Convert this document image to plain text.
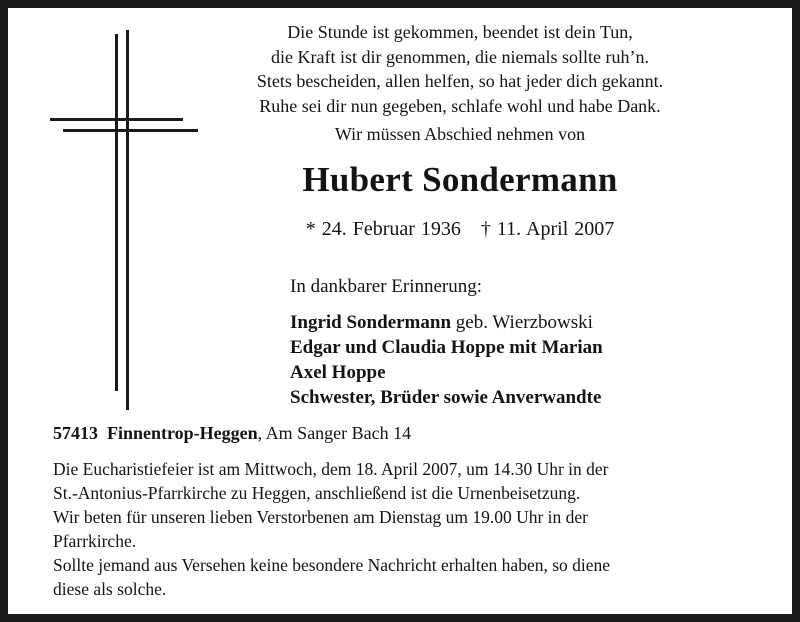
Die Stunde ist gekommen, beendet ist dein Tun,
die Kraft ist dir genommen, die niemals sollte ruh’n.
Stets bescheiden, allen helfen, so hat jeder dich gekannt.
Ruhe sei dir nun gegeben, schlafe wohl und habe Dank.
Wir müssen Abschied nehmen von
Hubert Sondermann
* 24. Februar 1936 † 11. April 2007
In dankbarer Erinnerung:
Ingrid Sondermann geb. Wierzbowski
Edgar und Claudia Hoppe mit Marian
Axel Hoppe
Schwester, Brüder sowie Anverwandte
57413 Finnentrop-Heggen, Am Sanger Bach 14
Die Eucharistiefeier ist am Mittwoch, dem 18. April 2007, um 14.30 Uhr in der
St.-Antonius-Pfarrkirche zu Heggen, anschließend ist die Urnenbeisetzung.
Wir beten für unseren lieben Verstorbenen am Dienstag um 19.00 Uhr in der
Pfarrkirche.
Sollte jemand aus Versehen keine besondere Nachricht erhalten haben, so diene
diese als solche.
